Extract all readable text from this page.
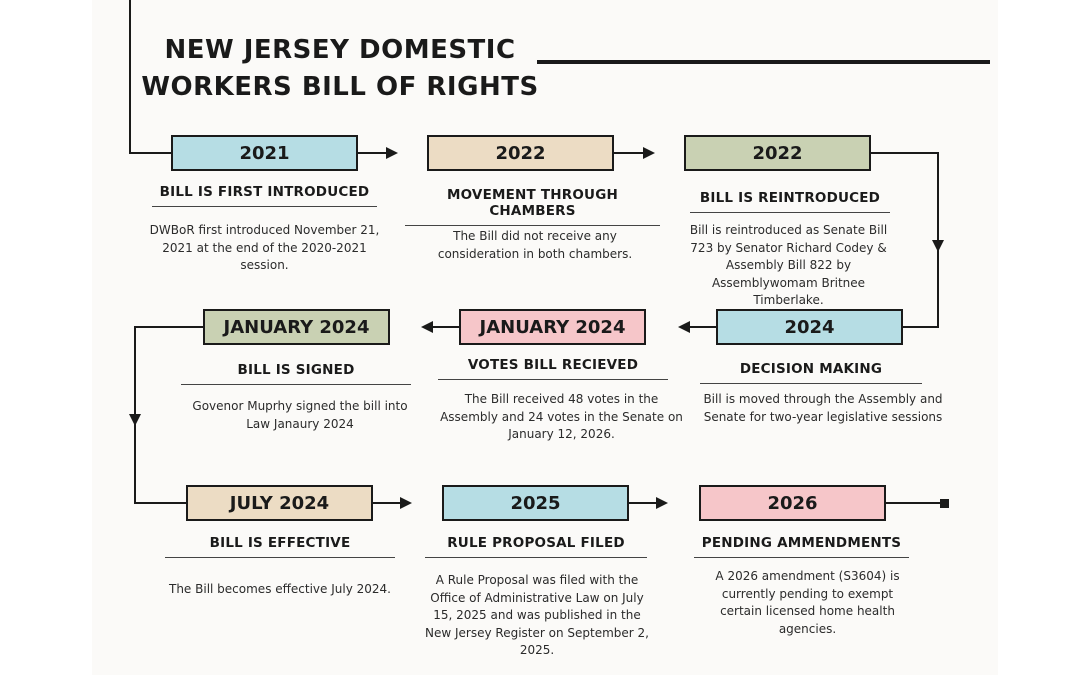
NEW JERSEY DOMESTIC
WORKERS BILL OF RIGHTS
2021
BILL IS FIRST INTRODUCED
DWBoR first introduced November 21, 2021 at the end of the 2020-2021 session.
2022
MOVEMENT THROUGH CHAMBERS
The Bill did not receive any consideration in both chambers.
2022
BILL IS REINTRODUCED
Bill is reintroduced as Senate Bill 723 by Senator Richard Codey & Assembly Bill 822 by Assemblywomam Britnee Timberlake.
2024
DECISION MAKING
Bill is moved through the Assembly and Senate for two-year legislative sessions
JANUARY 2024
VOTES BILL RECIEVED
The Bill received 48 votes in the Assembly and 24 votes in the Senate on January 12, 2026.
JANUARY 2024
BILL IS SIGNED
Govenor Muprhy signed the bill into Law Janaury 2024
JULY 2024
BILL IS EFFECTIVE
The Bill becomes effective July 2024.
2025
RULE PROPOSAL FILED
A Rule Proposal was filed with the Office of Administrative Law on July 15, 2025 and was published in the New Jersey Register on September 2, 2025.
2026
PENDING AMMENDMENTS
A 2026 amendment (S3604) is currently pending to exempt certain licensed home health agencies.
